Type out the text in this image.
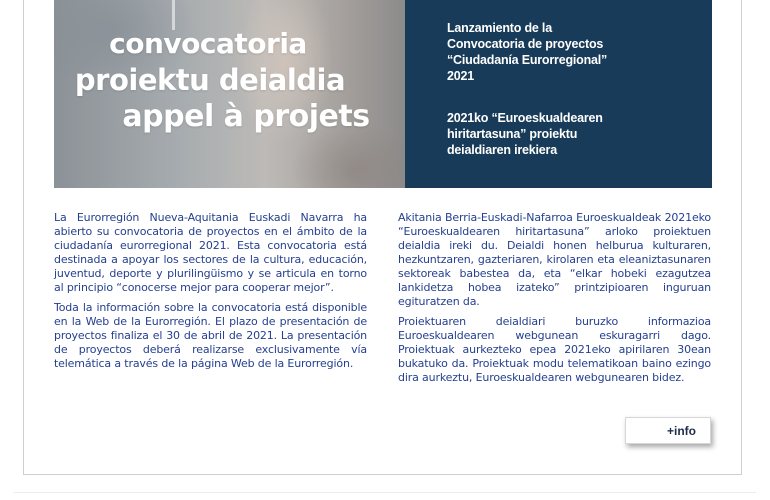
convocatoria
proiektu deialdia
appel à projets
Lanzamiento de la
Convocatoria de proyectos
“Ciudadanía Eurorregional”
2021
2021ko “Euroeskualdearen
hiritartasuna” proiektu
deialdiaren irekiera

La Eurorregión Nueva-Aquitania Euskadi Navarra ha abierto su convocatoria de proyectos en el ámbito de la ciudadanía eurorregional 2021. Esta convocatoria está destinada a apoyar los sectores de la cultura, educación, juventud, deporte y plurilingüismo y se articula en torno al principio “conocerse mejor para cooperar mejor”.

Toda la información sobre la convocatoria está disponible en la Web de la Eurorregión. El plazo de presentación de proyectos finaliza el 30 de abril de 2021. La presentación de proyectos deberá realizarse exclusivamente vía telemática a través de la página Web de la Eurorregión.

Akitania Berria-Euskadi-Nafarroa Euroeskualdeak 2021eko “Euroeskualdearen hiritartasuna” arloko proiektuen deialdia ireki du. Deialdi honen helburua kulturaren, hezkuntzaren, gazteriaren, kirolaren eta eleaniztasunaren sektoreak babestea da, eta “elkar hobeki ezagutzea lankidetza hobea izateko” printzipioaren inguruan egituratzen da.

Proiektuaren deialdiari buruzko informazioa Euroeskualdearen webgunean eskuragarri dago. Proiektuak aurkezteko epea 2021eko apirilaren 30ean bukatuko da. Proiektuak modu telematikoan baino ezingo dira aurkeztu, Euroeskualdearen webgunearen bidez.

+info
